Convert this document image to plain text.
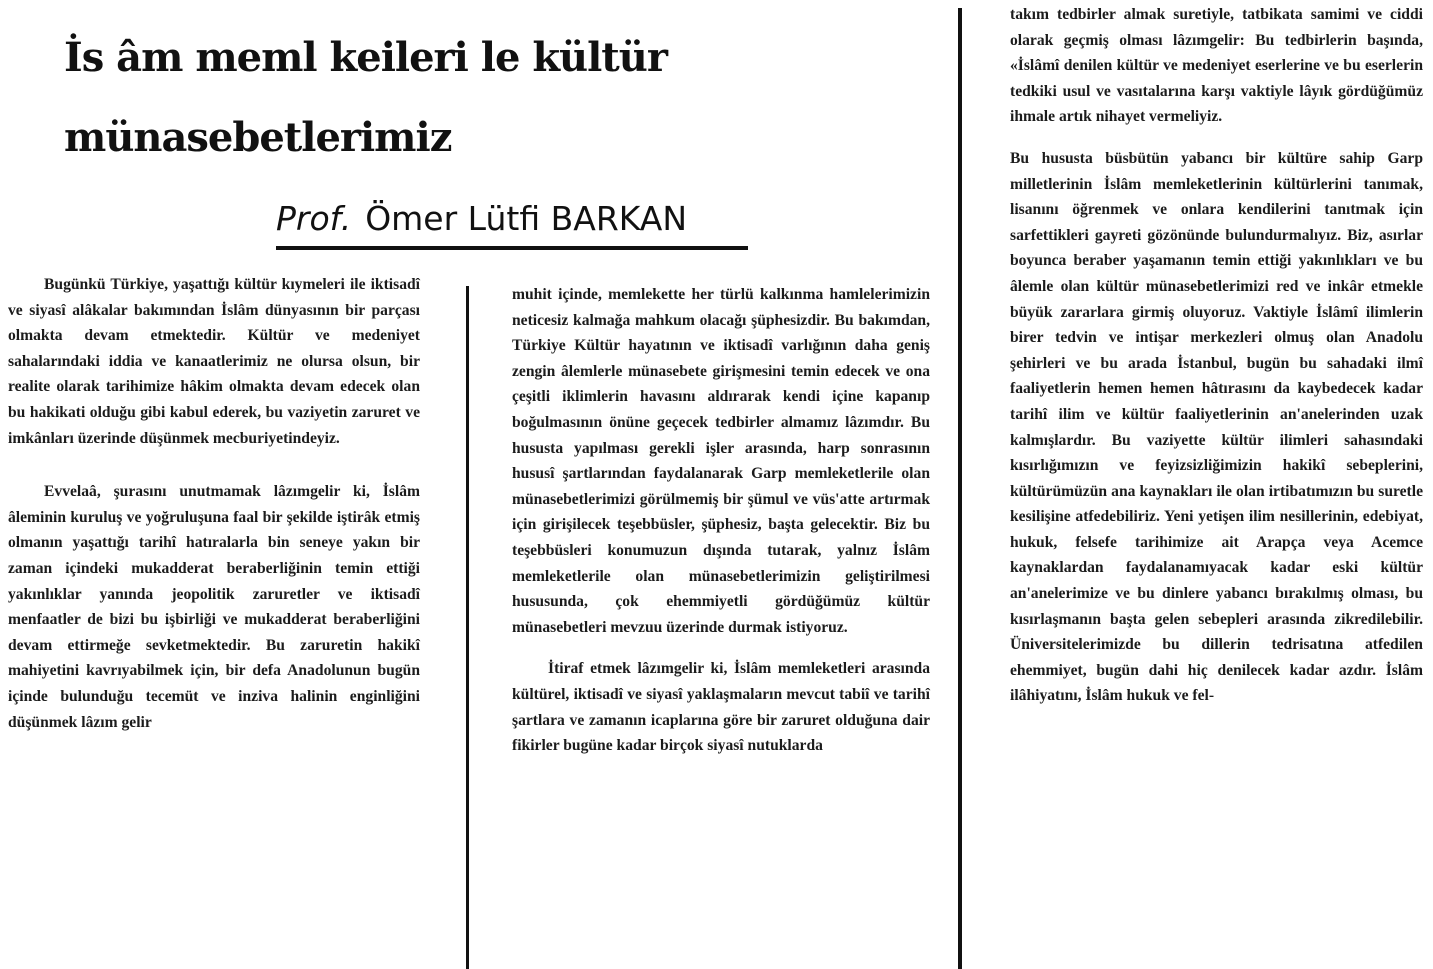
İs âm meml keileri le kültür
münasebetlerimiz
Prof. Ömer Lütfi BARKAN

Bugünkü Türkiye, yaşattığı kültür kıymeleri ile iktisadî ve siyasî alâkalar bakımından İslâm dünyasının bir parçası olmakta devam etmektedir. Kültür ve medeniyet sahalarındaki iddia ve kanaatlerimiz ne olursa olsun, bir realite olarak tarihimize hâkim olmakta devam edecek olan bu hakikati olduğu gibi kabul ederek, bu vaziyetin zaruret ve imkânları üzerinde düşünmek mecburiyetindeyiz.

Evvelaâ, şurasını unutmamak lâzımgelir ki, İslâm âleminin kuruluş ve yoğruluşuna faal bir şekilde iştirâk etmiş olmanın yaşattığı tarihî hatıralarla bin seneye yakın bir zaman içindeki mukadderat beraberliğinin temin ettiği yakınlıklar yanında jeopolitik zaruretler ve iktisadî menfaatler de bizi bu işbirliği ve mukadderat beraberliğini devam ettirmeğe sevketmektedir. Bu zaruretin hakikî mahiyetini kavrıyabilmek için, bir defa Anadolunun bugün içinde bulunduğu tecemüt ve inziva halinin enginliğini düşünmek lâzım gelir

muhit içinde, memlekette her türlü kalkınma hamlelerimizin neticesiz kalmağa mahkum olacağı şüphesizdir. Bu bakımdan, Türkiye Kültür hayatının ve iktisadî varlığının daha geniş zengin âlemlerle münasebete girişmesini temin edecek ve ona çeşitli iklimlerin havasını aldırarak kendi içine kapanıp boğulmasının önüne geçecek tedbirler almamız lâzımdır. Bu hususta yapılması gerekli işler arasında, harp sonrasının hususî şartlarından faydalanarak Garp memleketlerile olan münasebetlerimizi görülmemiş bir şümul ve vüs'atte artırmak için girişilecek teşebbüsler, şüphesiz, başta gelecektir. Biz bu teşebbüsleri konumuzun dışında tutarak, yalnız İslâm memleketlerile olan münasebetlerimizin geliştirilmesi hususunda, çok ehemmiyetli gördüğümüz kültür münasebetleri mevzuu üzerinde durmak istiyoruz.

İtiraf etmek lâzımgelir ki, İslâm memleketleri arasında kültürel, iktisadî ve siyasî yaklaşmaların mevcut tabiî ve tarihî şartlara ve zamanın icaplarına göre bir zaruret olduğuna dair fikirler bugüne kadar birçok siyasî nutuklarda

takım tedbirler almak suretiyle, tatbikata samimi ve ciddi olarak geçmiş olması lâzımgelir: Bu tedbirlerin başında, «İslâmî denilen kültür ve medeniyet eserlerine ve bu eserlerin tedkiki usul ve vasıtalarına karşı vaktiyle lâyık gördüğümüz ihmale artık nihayet vermeliyiz.

Bu hususta büsbütün yabancı bir kültüre sahip Garp milletlerinin İslâm memleketlerinin kültürlerini tanımak, lisanını öğrenmek ve onlara kendilerini tanıtmak için sarfettikleri gayreti gözönünde bulundurmalıyız. Biz, asırlar boyunca beraber yaşamanın temin ettiği yakınlıkları ve bu âlemle olan kültür münasebetlerimizi red ve inkâr etmekle büyük zararlara girmiş oluyoruz. Vaktiyle İslâmî ilimlerin birer tedvin ve intişar merkezleri olmuş olan Anadolu şehirleri ve bu arada İstanbul, bugün bu sahadaki ilmî faaliyetlerin hemen hemen hâtırasını da kaybedecek kadar tarihî ilim ve kültür faaliyetlerinin an'anelerinden uzak kalmışlardır. Bu vaziyette kültür ilimleri sahasındaki kısırlığımızın ve feyizsizliğimizin hakikî sebeplerini, kültürümüzün ana kaynakları ile olan irtibatımızın bu suretle kesilişine atfedebiliriz. Yeni yetişen ilim nesillerinin, edebiyat, hukuk, felsefe tarihimize ait Arapça veya Acemce kaynaklardan faydalanamıyacak kadar eski kültür an'anelerimize ve bu dinlere yabancı bırakılmış olması, bu kısırlaşmanın başta gelen sebepleri arasında zikredilebilir. Üniversitelerimizde bu dillerin tedrisatına atfedilen ehemmiyet, bugün dahi hiç denilecek kadar azdır. İslâm ilâhiyatını, İslâm hukuk ve fel-
